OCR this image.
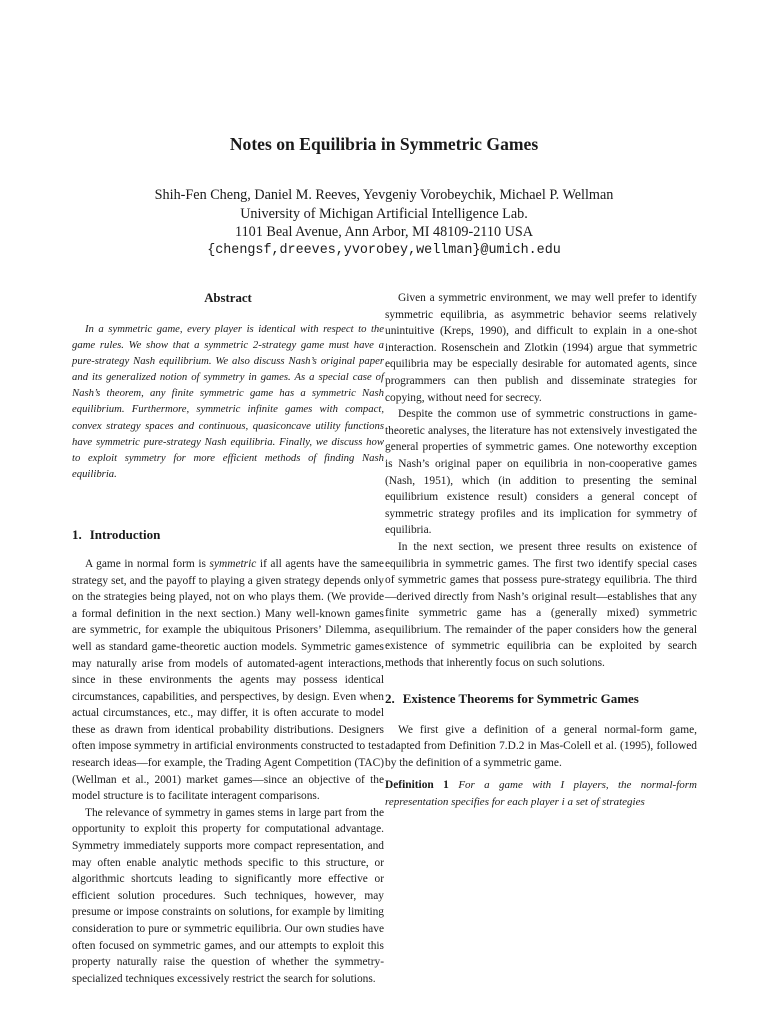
Notes on Equilibria in Symmetric Games
Shih-Fen Cheng, Daniel M. Reeves, Yevgeniy Vorobeychik, Michael P. Wellman
University of Michigan Artificial Intelligence Lab.
1101 Beal Avenue, Ann Arbor, MI 48109-2110 USA
{chengsf,dreeves,yvorobey,wellman}@umich.edu
Abstract

In a symmetric game, every player is identical with respect to the game rules. We show that a symmetric 2-strategy game must have a pure-strategy Nash equilibrium. We also discuss Nash’s original paper and its generalized notion of symmetry in games. As a special case of Nash’s theorem, any finite symmetric game has a symmetric Nash equilibrium. Furthermore, symmetric infinite games with compact, convex strategy spaces and continuous, quasiconcave utility functions have symmetric pure-strategy Nash equilibria. Finally, we discuss how to exploit symmetry for more efficient methods of finding Nash equilibria.

1. Introduction

A game in normal form is symmetric if all agents have the same strategy set, and the payoff to playing a given strategy depends only on the strategies being played, not on who plays them. (We provide a formal definition in the next section.) Many well-known games are symmetric, for example the ubiquitous Prisoners’ Dilemma, as well as standard game-theoretic auction models. Symmetric games may naturally arise from models of automated-agent interactions, since in these environments the agents may possess identical circumstances, capabilities, and perspectives, by design. Even when actual circumstances, etc., may differ, it is often accurate to model these as drawn from identical probability distributions. Designers often impose symmetry in artificial environments constructed to test research ideas—for example, the Trading Agent Competition (TAC) (Wellman et al., 2001) market games—since an objective of the model structure is to facilitate interagent comparisons.

The relevance of symmetry in games stems in large part from the opportunity to exploit this property for computational advantage. Symmetry immediately supports more compact representation, and may often enable analytic methods specific to this structure, or algorithmic shortcuts leading to significantly more effective or efficient solution procedures. Such techniques, however, may presume or impose constraints on solutions, for example by limiting consideration to pure or symmetric equilibria. Our own studies have often focused on symmetric games, and our attempts to exploit this property naturally raise the question of whether the symmetry-specialized techniques excessively restrict the search for solutions.

Given a symmetric environment, we may well prefer to identify symmetric equilibria, as asymmetric behavior seems relatively unintuitive (Kreps, 1990), and difficult to explain in a one-shot interaction. Rosenschein and Zlotkin (1994) argue that symmetric equilibria may be especially desirable for automated agents, since programmers can then publish and disseminate strategies for copying, without need for secrecy.

Despite the common use of symmetric constructions in game-theoretic analyses, the literature has not extensively investigated the general properties of symmetric games. One noteworthy exception is Nash’s original paper on equilibria in non-cooperative games (Nash, 1951), which (in addition to presenting the seminal equilibrium existence result) considers a general concept of symmetric strategy profiles and its implication for symmetry of equilibria.

In the next section, we present three results on existence of equilibria in symmetric games. The first two identify special cases of symmetric games that possess pure-strategy equilibria. The third—derived directly from Nash’s original result—establishes that any finite symmetric game has a (generally mixed) symmetric equilibrium. The remainder of the paper considers how the general existence of symmetric equilibria can be exploited by search methods that inherently focus on such solutions.

2. Existence Theorems for Symmetric Games

We first give a definition of a general normal-form game, adapted from Definition 7.D.2 in Mas-Colell et al. (1995), followed by the definition of a symmetric game.

Definition 1 For a game with I players, the normal-form representation specifies for each player i a set of strategies
